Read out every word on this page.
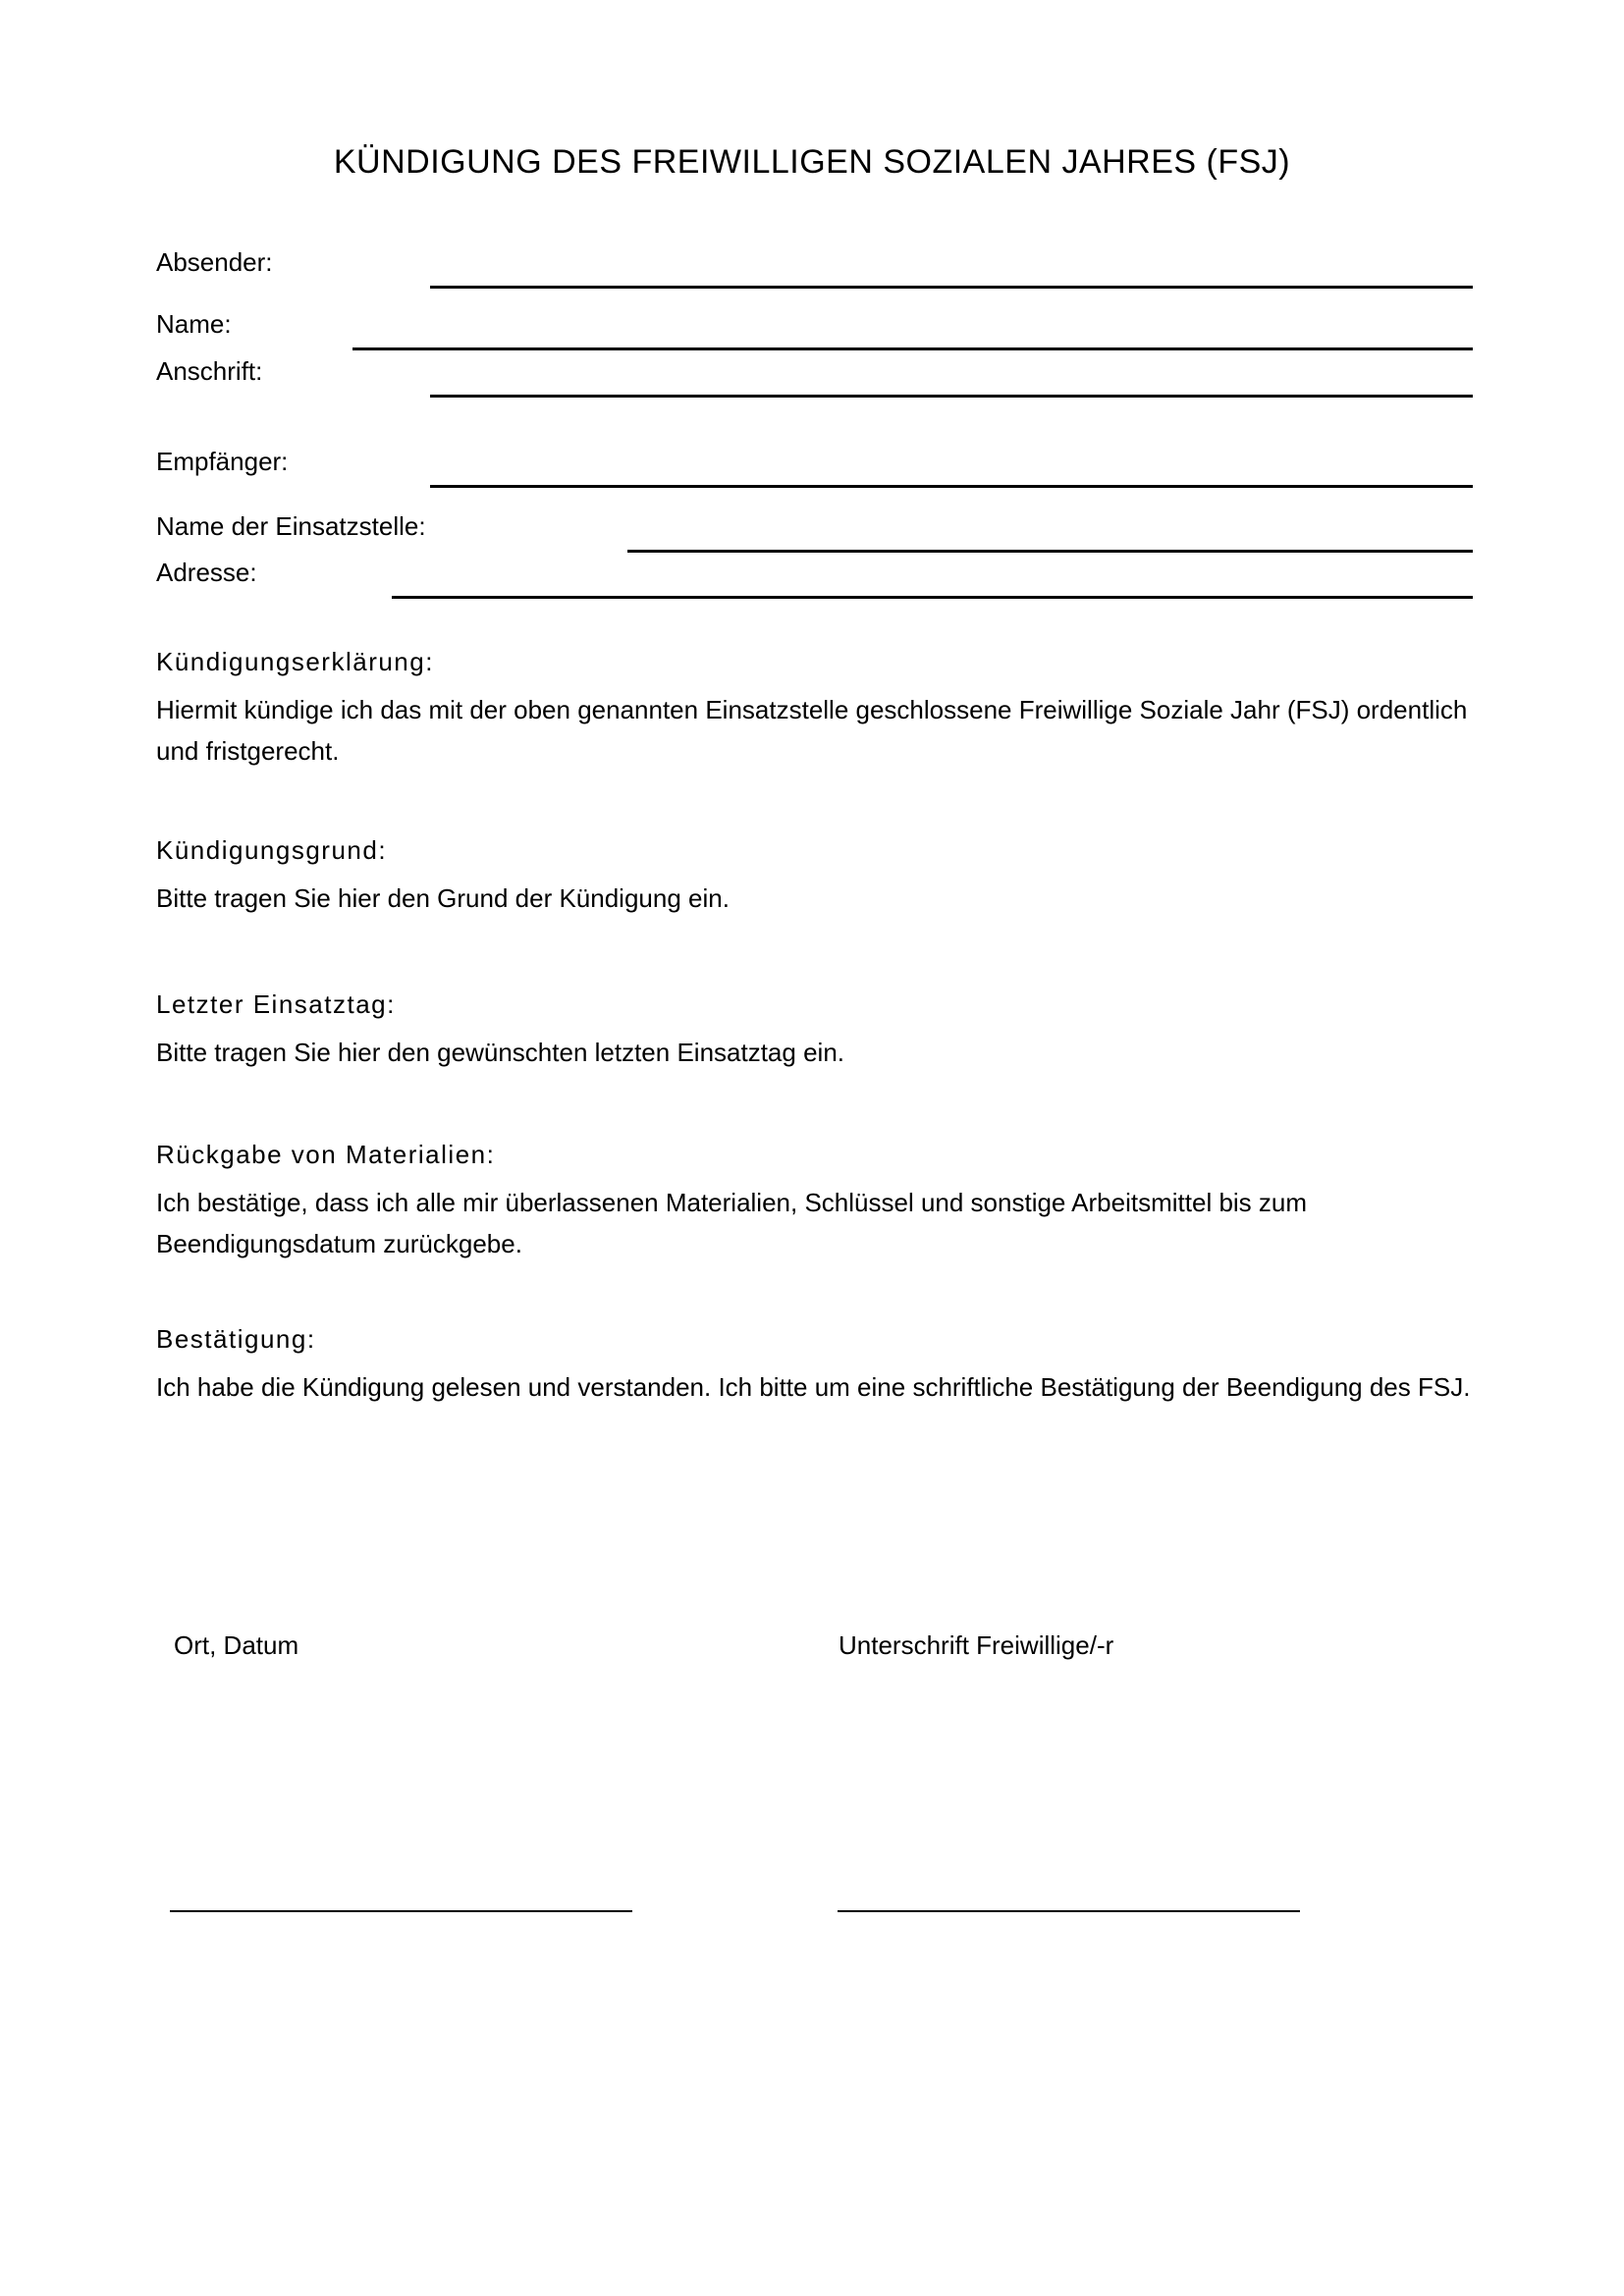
KÜNDIGUNG DES FREIWILLIGEN SOZIALEN JAHRES (FSJ)
Absender:
Name:
Anschrift:
Empfänger:
Name der Einsatzstelle:
Adresse:
Kündigungserklärung:

Hiermit kündige ich das mit der oben genannten Einsatzstelle geschlossene Freiwillige Soziale Jahr (FSJ) ordentlich und fristgerecht.

Kündigungsgrund:

Bitte tragen Sie hier den Grund der Kündigung ein.

Letzter Einsatztag:

Bitte tragen Sie hier den gewünschten letzten Einsatztag ein.

Rückgabe von Materialien:

Ich bestätige, dass ich alle mir überlassenen Materialien, Schlüssel und sonstige Arbeitsmittel bis zum Beendigungsdatum zurückgebe.

Bestätigung:

Ich habe die Kündigung gelesen und verstanden. Ich bitte um eine schriftliche Bestätigung der Beendigung des FSJ.

Ort, Datum	Unterschrift Freiwillige/-r
